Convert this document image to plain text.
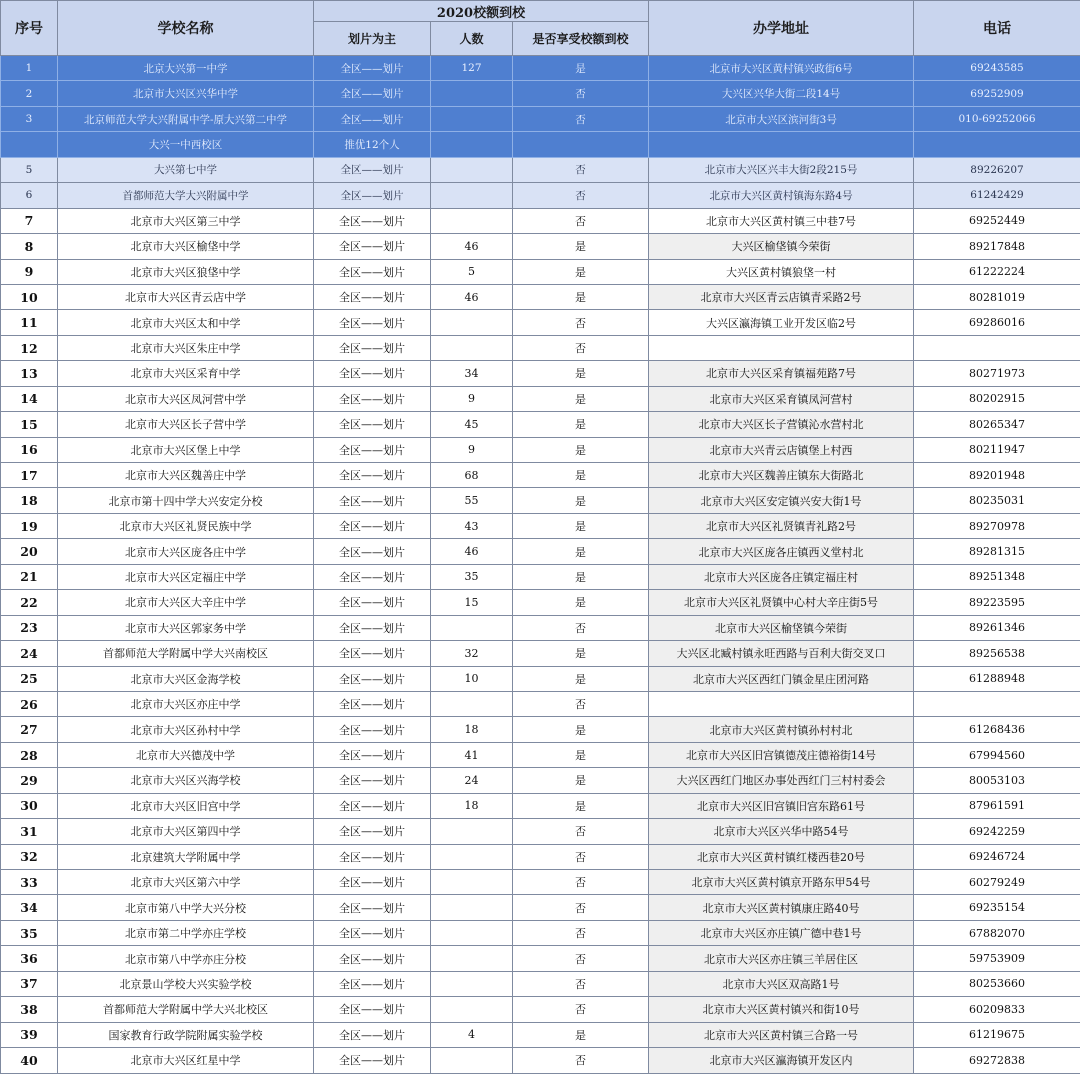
序号	学校名称	2020校额到校			办学地址	电话
		划片为主	人数	是否享受校额到校		
1	北京大兴第一中学	全区——划片	127	是	北京市大兴区黄村镇兴政街6号	69243585
2	北京市大兴区兴华中学	全区——划片		否	大兴区兴华大街二段14号	69252909
3	北京师范大学大兴附属中学-原大兴第二中学	全区——划片		否	北京市大兴区滨河街3号	010-69252066
	大兴一中西校区	推优12个人				
5	大兴第七中学	全区——划片		否	北京市大兴区兴丰大街2段215号	89226207
6	首都师范大学大兴附属中学	全区——划片		否	北京市大兴区黄村镇海东路4号	61242429
7	北京市大兴区第三中学	全区——划片		否	北京市大兴区黄村镇三中巷7号	69252449
8	北京市大兴区榆垡中学	全区——划片	46	是	大兴区榆垡镇今荣街	89217848
9	北京市大兴区狼垡中学	全区——划片	5	是	大兴区黄村镇狼垡一村	61222224
10	北京市大兴区青云店中学	全区——划片	46	是	北京市大兴区青云店镇青采路2号	80281019
11	北京市大兴区太和中学	全区——划片		否	大兴区瀛海镇工业开发区临2号	69286016
12	北京市大兴区朱庄中学	全区——划片		否		
13	北京市大兴区采育中学	全区——划片	34	是	北京市大兴区采育镇福苑路7号	80271973
14	北京市大兴区凤河营中学	全区——划片	9	是	北京市大兴区采育镇凤河营村	80202915
15	北京市大兴区长子营中学	全区——划片	45	是	北京市大兴区长子营镇沁水营村北	80265347
16	北京市大兴区堡上中学	全区——划片	9	是	北京市大兴青云店镇堡上村西	80211947
17	北京市大兴区魏善庄中学	全区——划片	68	是	北京市大兴区魏善庄镇东大街路北	89201948
18	北京市第十四中学大兴安定分校	全区——划片	55	是	北京市大兴区安定镇兴安大街1号	80235031
19	北京市大兴区礼贤民族中学	全区——划片	43	是	北京市大兴区礼贤镇青礼路2号	89270978
20	北京市大兴区庞各庄中学	全区——划片	46	是	北京市大兴区庞各庄镇西义堂村北	89281315
21	北京市大兴区定福庄中学	全区——划片	35	是	北京市大兴区庞各庄镇定福庄村	89251348
22	北京市大兴区大辛庄中学	全区——划片	15	是	北京市大兴区礼贤镇中心村大辛庄街5号	89223595
23	北京市大兴区郭家务中学	全区——划片		否	北京市大兴区榆垡镇今荣街	89261346
24	首都师范大学附属中学大兴南校区	全区——划片	32	是	大兴区北臧村镇永旺西路与百利大街交叉口	89256538
25	北京市大兴区金海学校	全区——划片	10	是	北京市大兴区西红门镇金星庄团河路	61288948
26	北京市大兴区亦庄中学	全区——划片		否		
27	北京市大兴区孙村中学	全区——划片	18	是	北京市大兴区黄村镇孙村村北	61268436
28	北京市大兴德茂中学	全区——划片	41	是	北京市大兴区旧宫镇德茂庄德裕街14号	67994560
29	北京市大兴区兴海学校	全区——划片	24	是	大兴区西红门地区办事处西红门三村村委会	80053103
30	北京市大兴区旧宫中学	全区——划片	18	是	北京市大兴区旧宫镇旧宫东路61号	87961591
31	北京市大兴区第四中学	全区——划片		否	北京市大兴区兴华中路54号	69242259
32	北京建筑大学附属中学	全区——划片		否	北京市大兴区黄村镇红楼西巷20号	69246724
33	北京市大兴区第六中学	全区——划片		否	北京市大兴区黄村镇京开路东甲54号	60279249
34	北京市第八中学大兴分校	全区——划片		否	北京市大兴区黄村镇康庄路40号	69235154
35	北京市第二中学亦庄学校	全区——划片		否	北京市大兴区亦庄镇广德中巷1号	67882070
36	北京市第八中学亦庄分校	全区——划片		否	北京市大兴区亦庄镇三羊居住区	59753909
37	北京景山学校大兴实验学校	全区——划片		否	北京市大兴区双高路1号	80253660
38	首都师范大学附属中学大兴北校区	全区——划片		否	北京市大兴区黄村镇兴和街10号	60209833
39	国家教育行政学院附属实验学校	全区——划片	4	是	北京市大兴区黄村镇三合路一号	61219675
40	北京市大兴区红星中学	全区——划片		否	北京市大兴区瀛海镇开发区内	69272838
